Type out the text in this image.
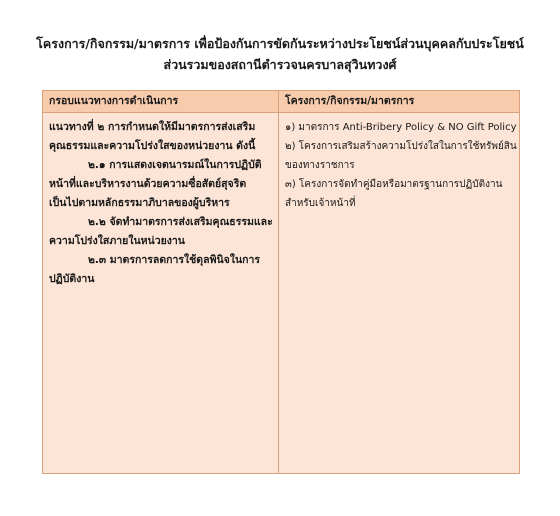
โครงการ/กิจกรรม/มาตรการ เพื่อป้องกันการขัดกันระหว่างประโยชน์ส่วนบุคคลกับประโยชน์
ส่วนรวมของสถานีตำรวจนครบาลสุวินทวงศ์
กรอบแนวทางการดำเนินการ	โครงการ/กิจกรรม/มาตรการ
แนวทางที่ ๒ การกำหนดให้มีมาตรการส่งเสริม
คุณธรรมและความโปร่งใสของหน่วยงาน ดังนี้
๒.๑ การแสดงเจตนารมณ์ในการปฏิบัติ
หน้าที่และบริหารงานด้วยความซื่อสัตย์สุจริต
เป็นไปตามหลักธรรมาภิบาลของผู้บริหาร
๒.๒ จัดทำมาตรการส่งเสริมคุณธรรมและ
ความโปร่งใสภายในหน่วยงาน
๒.๓ มาตรการลดการใช้ดุลพินิจในการ
ปฏิบัติงาน
๑) มาตรการ Anti-Bribery Policy & NO Gift Policy
๒) โครงการเสริมสร้างความโปร่งใสในการใช้ทรัพย์สิน
ของทางราชการ
๓) โครงการจัดทำคู่มือหรือมาตรฐานการปฏิบัติงาน
สำหรับเจ้าหน้าที่
